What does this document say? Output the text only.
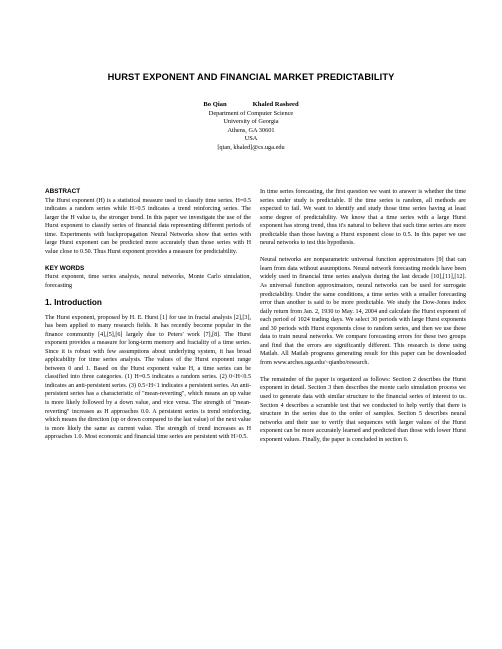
HURST EXPONENT AND FINANCIAL MARKET PREDICTABILITY
Bo Qian	Khaled Rasheed
Department of Computer Science
University of Georgia
Athens, GA 30601
USA
[qian, khaled]@cs.uga.edu
ABSTRACT

The Hurst exponent (H) is a statistical measure used to classify time series. H=0.5 indicates a random series while H>0.5 indicates a trend reinforcing series. The larger the H value is, the stronger trend. In this paper we investigate the use of the Hurst exponent to classify series of financial data representing different periods of time. Experiments with backpropagation Neural Networks show that series with large Hurst exponent can be predicted more accurately than those series with H value close to 0.50. Thus Hurst exponent provides a measure for predictability.

KEY WORDS

Hurst exponent, time series analysis, neural networks, Monte Carlo simulation, forecasting

1. Introduction

The Hurst exponent, proposed by H. E. Hurst [1] for use in fractal analysis [2],[3], has been applied to many research fields. It has recently become popular in the finance community [4],[5],[6] largely due to Peters' work [7],[8]. The Hurst exponent provides a measure for long-term memory and fractality of a time series. Since it is robust with few assumptions about underlying system, it has broad applicability for time series analysis. The values of the Hurst exponent range between 0 and 1. Based on the Hurst exponent value H, a time series can be classified into three categories. (1) H=0.5 indicates a random series. (2) 0<H<0.5 indicates an anti-persistent series. (3) 0.5<H<1 indicates a persistent series. An anti-persistent series has a characteristic of "mean-reverting", which means an up value is more likely followed by a down value, and vice versa. The strength of "mean-reverting" increases as H approaches 0.0. A persistent series is trend reinforcing, which means the direction (up or down compared to the last value) of the next value is more likely the same as current value. The strength of trend increases as H approaches 1.0. Most economic and financial time series are persistent with H>0.5.

In time series forecasting, the first question we want to answer is whether the time series under study is predictable. If the time series is random, all methods are expected to fail. We want to identify and study those time series having at least some degree of predictability. We know that a time series with a large Hurst exponent has strong trend, thus it's natural to believe that such time series are more predictable than those having a Hurst exponent close to 0.5. In this paper we use neural networks to test this hypothesis.

Neural networks are nonparametric universal function approximators [9] that can learn from data without assumptions. Neural network forecasting models have been widely used in financial time series analysis during the last decade [10],[11],[12]. As universal function approximators, neural networks can be used for surrogate predictability. Under the same conditions, a time series with a smaller forecasting error than another is said to be more predictable. We study the Dow-Jones index daily return from Jan. 2, 1930 to May. 14, 2004 and calculate the Hurst exponent of each period of 1024 trading days. We select 30 periods with large Hurst exponents and 30 periods with Hurst exponents close to random series, and then we use these data to train neural networks. We compare forecasting errors for these two groups and find that the errors are significantly different. This research is done using Matlab. All Matlab programs generating result for this paper can be downloaded from www.arches.uga.edu/~qianbo/research.

The remainder of the paper is organized as follows: Section 2 describes the Hurst exponent in detail. Section 3 then describes the monte carlo simulation process we used to generate data with similar structure to the financial series of interest to us. Section 4 describes a scramble test that we conducted to help verify that there is structure in the series due to the order of samples. Section 5 describes neural networks and their use to verify that sequences with larger values of the Hurst exponent can be more accurately learned and predicted than those with lower Hurst exponent values. Finally, the paper is concluded in section 6.
